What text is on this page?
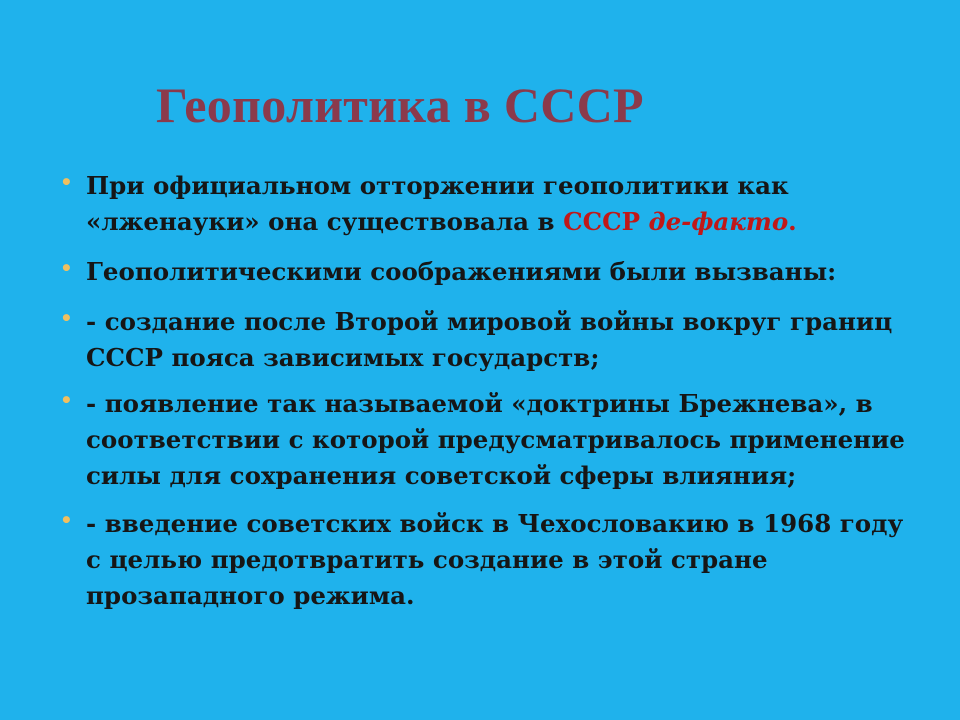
Геополитика в СССР
• При официальном отторжении геополитики как «лженауки» она существовала в СССР де-факто.
• Геополитическими соображениями были вызваны:
• - создание после Второй мировой войны вокруг границ СССР пояса зависимых государств;
• - появление так называемой «доктрины Брежнева», в соответствии с которой предусматривалось применение силы для сохранения советской сферы влияния;
• - введение советских войск в Чехословакию в 1968 году с целью предотвратить создание в этой стране прозападного режима.
